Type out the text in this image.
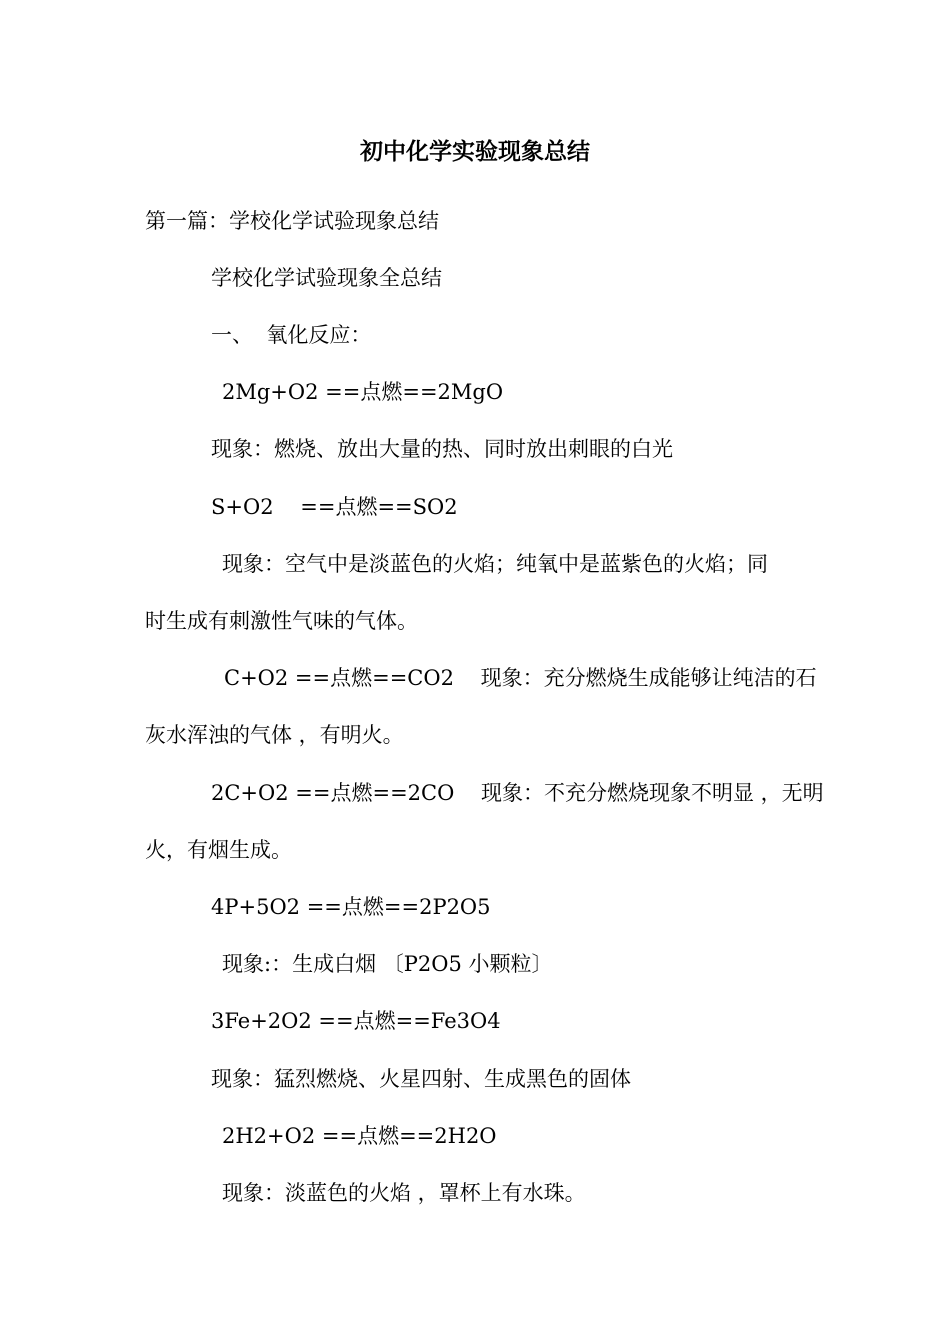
初中化学实验现象总结
第一篇：学校化学试验现象总结
学校化学试验现象全总结
一、  氧化反应：
2Mg+O2 ==点燃==2MgO
现象：燃烧、放出大量的热、同时放出刺眼的白光
S+O2    ==点燃==SO2
现象：空气中是淡蓝色的火焰；纯氧中是蓝紫色的火焰；同
时生成有刺激性气味的气体。
C+O2 ==点燃==CO2    现象：充分燃烧生成能够让纯洁的石
灰水浑浊的气体 ，有明火。
2C+O2 ==点燃==2CO    现象：不充分燃烧现象不明显 ，无明
火，有烟生成。
4P+5O2 ==点燃==2P2O5
现象:：生成白烟 〔P2O5 小颗粒〕
3Fe+2O2 ==点燃==Fe3O4
现象：猛烈燃烧、火星四射、生成黑色的固体
2H2+O2 ==点燃==2H2O
现象：淡蓝色的火焰 ，罩杯上有水珠。
